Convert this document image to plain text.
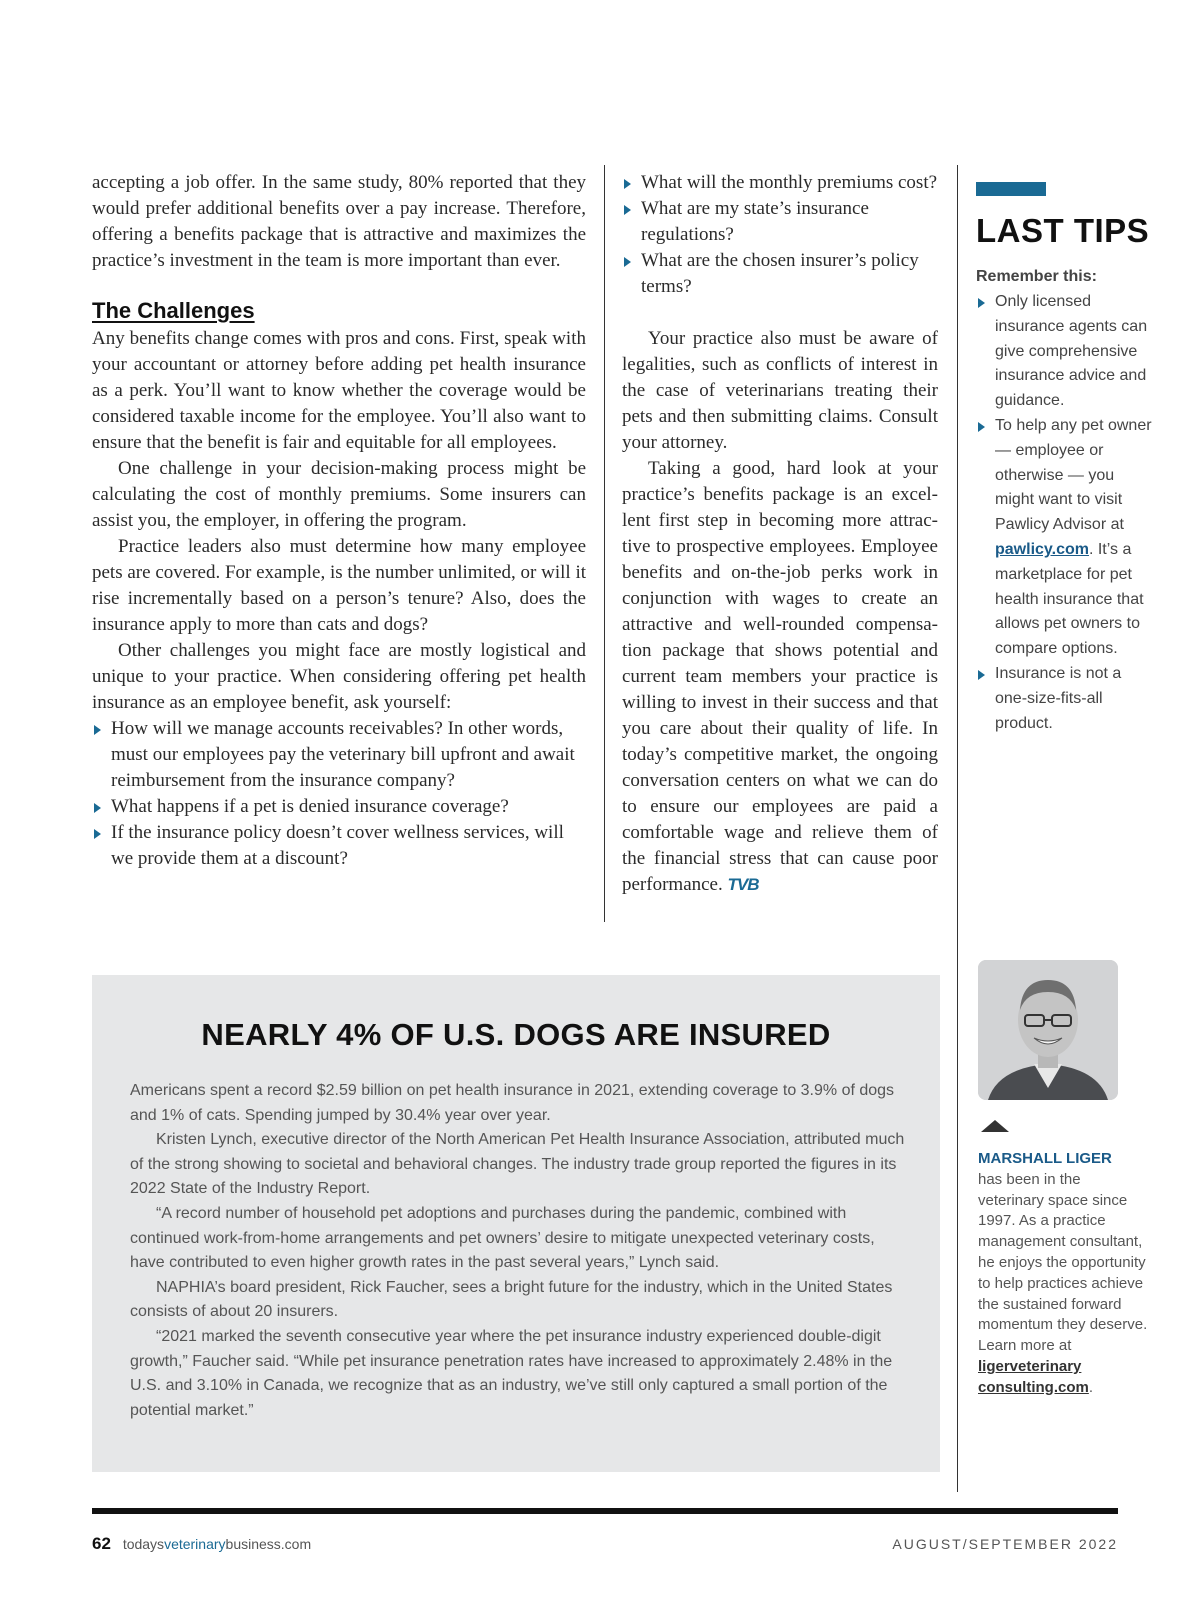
accepting a job offer. In the same study, 80% reported that they would prefer additional benefits over a pay increase. Therefore, offering a benefits package that is attractive and maximizes the practice’s investment in the team is more important than ever.

The Challenges

Any benefits change comes with pros and cons. First, speak with your accountant or attorney before adding pet health insurance as a perk. You’ll want to know whether the coverage would be considered taxable income for the employee. You’ll also want to ensure that the benefit is fair and equitable for all employees.

One challenge in your decision-making process might be calculating the cost of monthly premiums. Some insurers can assist you, the employer, in offering the program.

Practice leaders also must determine how many employee pets are covered. For example, is the number unlimited, or will it rise incrementally based on a person’s tenure? Also, does the insurance apply to more than cats and dogs?

Other challenges you might face are mostly logistical and unique to your practice. When considering offering pet health insurance as an employee benefit, ask yourself:

How will we manage accounts receivables? In other words, must our employees pay the veterinary bill upfront and await reimbursement from the insurance company?
What happens if a pet is denied insurance coverage?
If the insurance policy doesn’t cover wellness services, will we provide them at a discount?
What will the monthly premiums cost?
What are my state’s insurance regulations?
What are the chosen insurer’s policy terms?

Your practice also must be aware of legalities, such as conflicts of interest in the case of veterinarians treating their pets and then submitting claims. Consult your attorney.

Taking a good, hard look at your practice’s benefits package is an excellent first step in becoming more attractive to prospective employees. Employee benefits and on-the-job perks work in conjunction with wages to create an attractive and well-rounded compensation package that shows potential and current team members your practice is willing to invest in their success and that you care about their quality of life. In today’s competitive market, the ongoing conversation centers on what we can do to ensure our employees are paid a comfortable wage and relieve them of the financial stress that can cause poor performance. TVB

LAST TIPS

Remember this:

Only licensed insurance agents can give comprehensive insurance advice and guidance.
To help any pet owner — employee or otherwise — you might want to visit Pawlicy Advisor at pawlicy.com. It’s a marketplace for pet health insurance that allows pet owners to compare options.
Insurance is not a one-size-fits-all product.
NEARLY 4% OF U.S. DOGS ARE INSURED

Americans spent a record $2.59 billion on pet health insurance in 2021, extending coverage to 3.9% of dogs and 1% of cats. Spending jumped by 30.4% year over year.

Kristen Lynch, executive director of the North American Pet Health Insurance Association, attributed much of the strong showing to societal and behavioral changes. The industry trade group reported the figures in its 2022 State of the Industry Report.

“A record number of household pet adoptions and purchases during the pandemic, combined with continued work-from-home arrangements and pet owners’ desire to mitigate unexpected veterinary costs, have contributed to even higher growth rates in the past several years,” Lynch said.

NAPHIA’s board president, Rick Faucher, sees a bright future for the industry, which in the United States consists of about 20 insurers.

“2021 marked the seventh consecutive year where the pet insurance industry experienced double-digit growth,” Faucher said. “While pet insurance penetration rates have increased to approximately 2.48% in the U.S. and 3.10% in Canada, we recognize that as an industry, we’ve still only captured a small portion of the potential market.”

MARSHALL LIGER
has been in the veterinary space since 1997. As a practice management consultant, he enjoys the opportunity to help practices achieve the sustained forward momentum they deserve. Learn more at ligerveterinary consulting.com.
62 todaysveterinarybusiness.com	AUGUST/SEPTEMBER 2022
